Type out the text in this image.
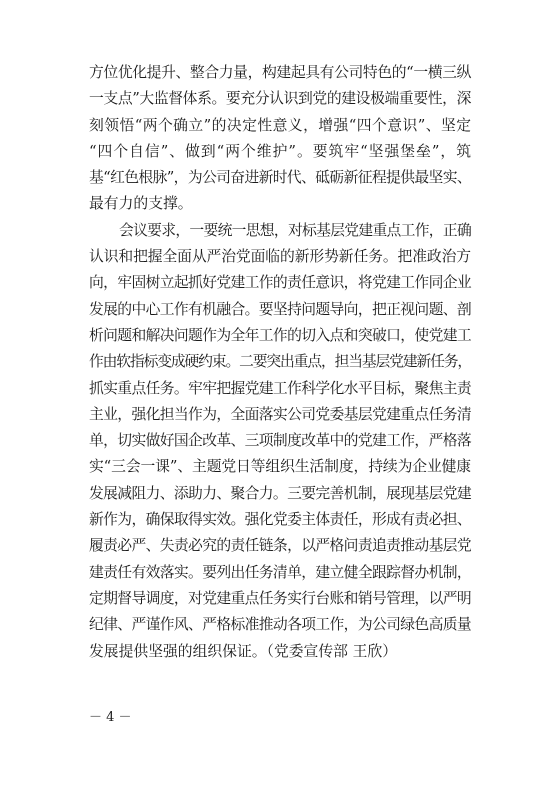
方位优化提升、整合力量，构建起具有公司特色的“一横三纵
一支点”大监督体系。要充分认识到党的建设极端重要性，深
刻领悟“两个确立”的决定性意义，增强“四个意识”、坚定
“四个自信”、做到“两个维护”。要筑牢“坚强堡垒”，筑
基“红色根脉”，为公司奋进新时代、砥砺新征程提供最坚实、
最有力的支撑。
会议要求，一要统一思想，对标基层党建重点工作，正确
认识和把握全面从严治党面临的新形势新任务。把准政治方
向，牢固树立起抓好党建工作的责任意识，将党建工作同企业
发展的中心工作有机融合。要坚持问题导向，把正视问题、剖
析问题和解决问题作为全年工作的切入点和突破口，使党建工
作由软指标变成硬约束。二要突出重点，担当基层党建新任务，
抓实重点任务。牢牢把握党建工作科学化水平目标，聚焦主责
主业，强化担当作为，全面落实公司党委基层党建重点任务清
单，切实做好国企改革、三项制度改革中的党建工作，严格落
实“三会一课”、主题党日等组织生活制度，持续为企业健康
发展减阻力、添助力、聚合力。三要完善机制，展现基层党建
新作为，确保取得实效。强化党委主体责任，形成有责必担、
履责必严、失责必究的责任链条，以严格问责追责推动基层党
建责任有效落实。要列出任务清单，建立健全跟踪督办机制，
定期督导调度，对党建重点任务实行台账和销号管理，以严明
纪律、严谨作风、严格标准推动各项工作，为公司绿色高质量
发展提供坚强的组织保证。（党委宣传部 王欣）
－ 4 －
